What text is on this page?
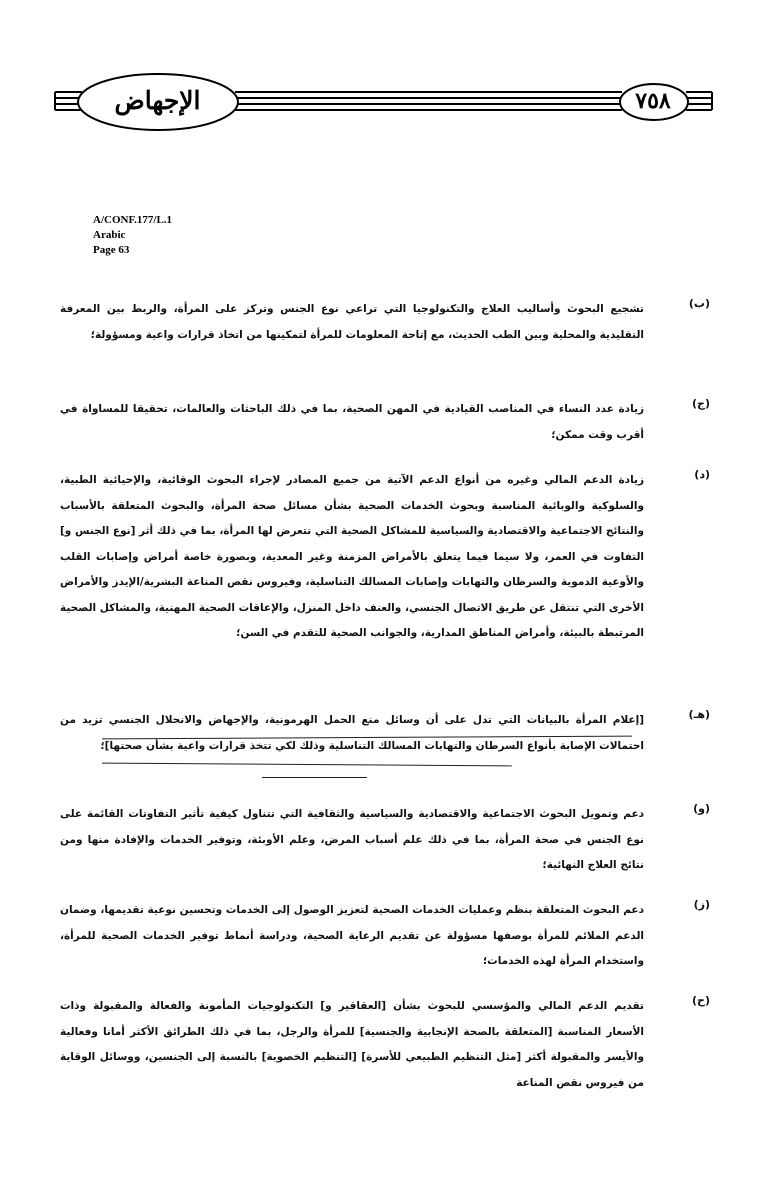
الإجهاض	٧٥٨
A/CONF.177/L.1
Arabic
Page 63
(ب)
تشجيع البحوث وأساليب العلاج والتكنولوجيا التي تراعي نوع الجنس وتركز على المرأة، والربط بين المعرفة التقليدية والمحلية وبين الطب الحديث، مع إتاحة المعلومات للمرأة لتمكينها من اتخاذ قرارات واعية ومسؤولة؛
(ج)
زيادة عدد النساء في المناصب القيادية في المهن الصحية، بما في ذلك الباحثات والعالمات، تحقيقا للمساواة في أقرب وقت ممكن؛
(د)
زيادة الدعم المالي وغيره من أنواع الدعم الآتية من جميع المصادر لإجراء البحوث الوقائية، والإحيائية الطبية، والسلوكية والوبائية المناسبة وبحوث الخدمات الصحية بشأن مسائل صحة المرأة، والبحوث المتعلقة بالأسباب والنتائج الاجتماعية والاقتصادية والسياسية للمشاكل الصحية التي تتعرض لها المرأة، بما في ذلك أثر [نوع الجنس و] التفاوت في العمر، ولا سيما فيما يتعلق بالأمراض المزمنة وغير المعدية، وبصورة خاصة أمراض وإصابات القلب والأوعية الدموية والسرطان والتهابات وإصابات المسالك التناسلية، وفيروس نقص المناعة البشرية/الإيدز والأمراض الأخرى التي تنتقل عن طريق الاتصال الجنسي، والعنف داخل المنزل، والإعاقات الصحية المهنية، والمشاكل الصحية المرتبطة بالبيئة، وأمراض المناطق المدارية، والجوانب الصحية للتقدم في السن؛
(هـ)
[إعلام المرأة بالبيانات التي تدل على أن وسائل منع الحمل الهرمونية، والإجهاض والانحلال الجنسي تزيد من احتمالات الإصابة بأنواع السرطان والتهابات المسالك التناسلية وذلك لكي تتخذ قرارات واعية بشأن صحتها]؛
(و)
دعم وتمويل البحوث الاجتماعية والاقتصادية والسياسية والثقافية التي تتناول كيفية تأثير التفاوتات القائمة على نوع الجنس في صحة المرأة، بما في ذلك علم أسباب المرض، وعلم الأوبئة، وتوفير الخدمات والإفادة منها ومن نتائج العلاج النهائية؛
(ز)
دعم البحوث المتعلقة بنظم وعمليات الخدمات الصحية لتعزيز الوصول إلى الخدمات وتحسين نوعية تقديمها، وضمان الدعم الملائم للمرأة بوصفها مسؤولة عن تقديم الرعاية الصحية، ودراسة أنماط توفير الخدمات الصحية للمرأة، واستخدام المرأة لهذه الخدمات؛
(ح)
تقديم الدعم المالي والمؤسسي للبحوث بشأن [العقاقير و] التكنولوجيات المأمونة والفعالة والمقبولة وذات الأسعار المناسبة [المتعلقة بالصحة الإنجابية والجنسية] للمرأة والرجل، بما في ذلك الطرائق الأكثر أمانا وفعالية والأيسر والمقبولة أكثر [مثل التنظيم الطبيعي للأسرة] [التنظيم الخصوبة] بالنسبة إلى الجنسين، ووسائل الوقاية من فيروس نقص المناعة
